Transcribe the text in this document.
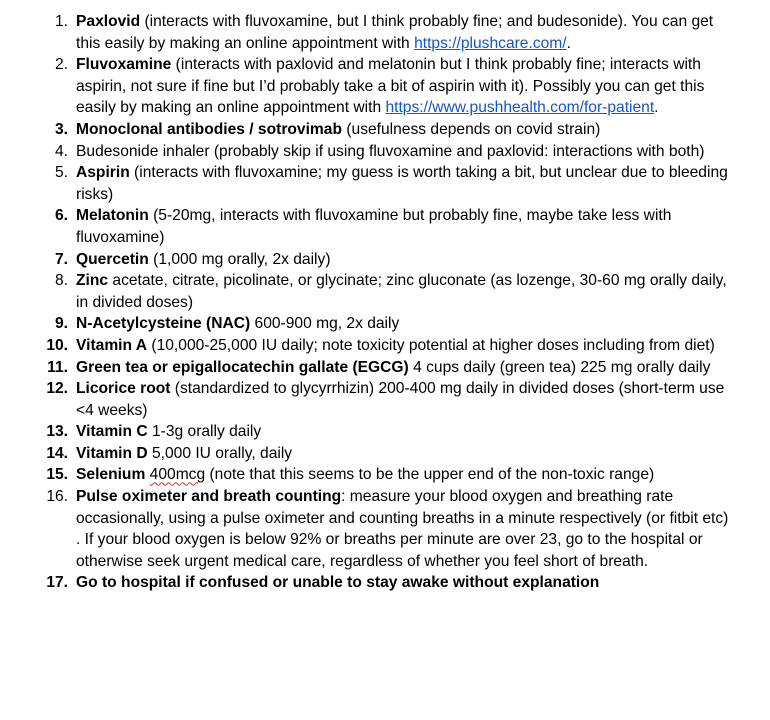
1. Paxlovid (interacts with fluvoxamine, but I think probably fine; and budesonide). You can get this easily by making an online appointment with https://plushcare.com/.
2. Fluvoxamine (interacts with paxlovid and melatonin but I think probably fine; interacts with aspirin, not sure if fine but I’d probably take a bit of aspirin with it). Possibly you can get this easily by making an online appointment with https://www.pushhealth.com/for-patient.
3. Monoclonal antibodies / sotrovimab (usefulness depends on covid strain)
4. Budesonide inhaler (probably skip if using fluvoxamine and paxlovid: interactions with both)
5. Aspirin (interacts with fluvoxamine; my guess is worth taking a bit, but unclear due to bleeding risks)
6. Melatonin (5-20mg, interacts with fluvoxamine but probably fine, maybe take less with fluvoxamine)
7. Quercetin (1,000 mg orally, 2x daily)
8. Zinc acetate, citrate, picolinate, or glycinate; zinc gluconate (as lozenge, 30-60 mg orally daily, in divided doses)
9. N-Acetylcysteine (NAC) 600-900 mg, 2x daily
10. Vitamin A (10,000-25,000 IU daily; note toxicity potential at higher doses including from diet)
11. Green tea or epigallocatechin gallate (EGCG) 4 cups daily (green tea) 225 mg orally daily
12. Licorice root (standardized to glycyrrhizin) 200-400 mg daily in divided doses (short-term use <4 weeks)
13. Vitamin C 1-3g orally daily
14. Vitamin D 5,000 IU orally, daily
15. Selenium 400mcg (note that this seems to be the upper end of the non-toxic range)
16. Pulse oximeter and breath counting: measure your blood oxygen and breathing rate occasionally, using a pulse oximeter and counting breaths in a minute respectively (or fitbit etc) . If your blood oxygen is below 92% or breaths per minute are over 23, go to the hospital or otherwise seek urgent medical care, regardless of whether you feel short of breath.
17. Go to hospital if confused or unable to stay awake without explanation
